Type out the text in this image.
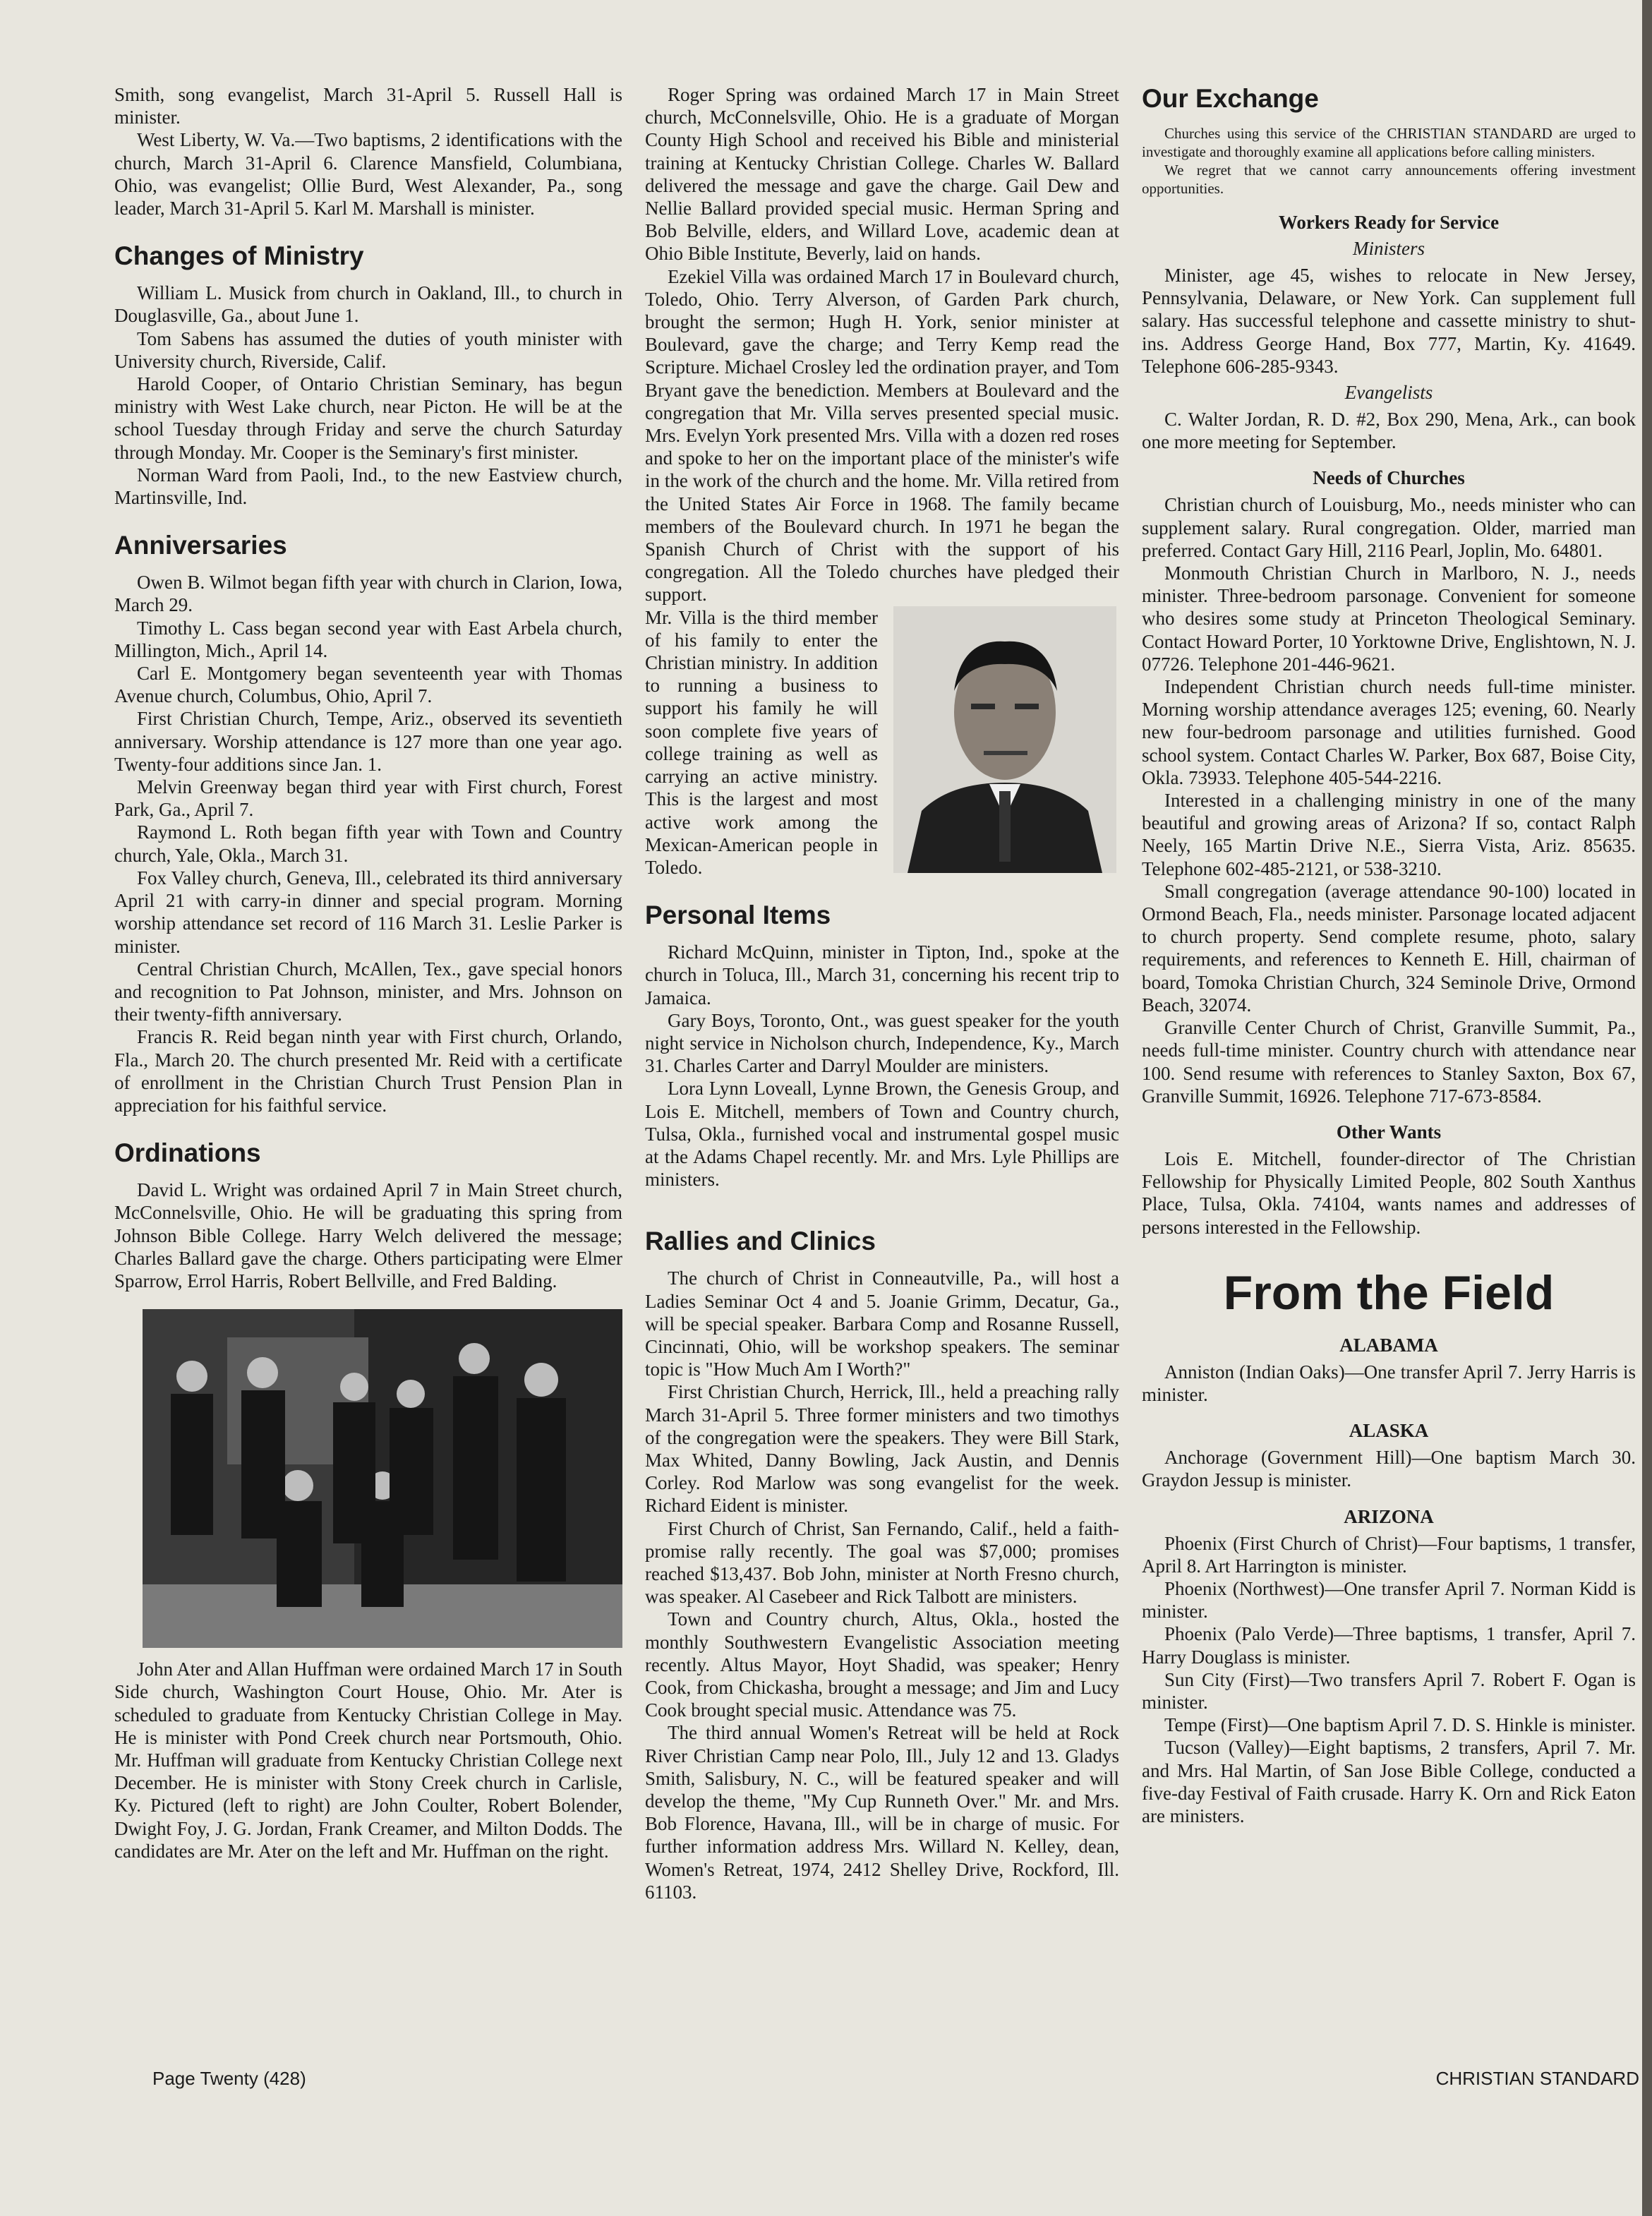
Smith, song evangelist, March 31-April 5. Russell Hall is minister.

West Liberty, W. Va.—Two baptisms, 2 identifications with the church, March 31-April 6. Clarence Mansfield, Columbiana, Ohio, was evangelist; Ollie Burd, West Alexander, Pa., song leader, March 31-April 5. Karl M. Marshall is minister.

Changes of Ministry

William L. Musick from church in Oakland, Ill., to church in Douglasville, Ga., about June 1.

Tom Sabens has assumed the duties of youth minister with University church, Riverside, Calif.

Harold Cooper, of Ontario Christian Seminary, has begun ministry with West Lake church, near Picton. He will be at the school Tuesday through Friday and serve the church Saturday through Monday. Mr. Cooper is the Seminary's first minister.

Norman Ward from Paoli, Ind., to the new Eastview church, Martinsville, Ind.

Anniversaries

Owen B. Wilmot began fifth year with church in Clarion, Iowa, March 29.

Timothy L. Cass began second year with East Arbela church, Millington, Mich., April 14.

Carl E. Montgomery began seventeenth year with Thomas Avenue church, Columbus, Ohio, April 7.

First Christian Church, Tempe, Ariz., observed its seventieth anniversary. Worship attendance is 127 more than one year ago. Twenty-four additions since Jan. 1.

Melvin Greenway began third year with First church, Forest Park, Ga., April 7.

Raymond L. Roth began fifth year with Town and Country church, Yale, Okla., March 31.

Fox Valley church, Geneva, Ill., celebrated its third anniversary April 21 with carry-in dinner and special program. Morning worship attendance set record of 116 March 31. Leslie Parker is minister.

Central Christian Church, McAllen, Tex., gave special honors and recognition to Pat Johnson, minister, and Mrs. Johnson on their twenty-fifth anniversary.

Francis R. Reid began ninth year with First church, Orlando, Fla., March 20. The church presented Mr. Reid with a certificate of enrollment in the Christian Church Trust Pension Plan in appreciation for his faithful service.

Ordinations

David L. Wright was ordained April 7 in Main Street church, McConnelsville, Ohio. He will be graduating this spring from Johnson Bible College. Harry Welch delivered the message; Charles Ballard gave the charge. Others participating were Elmer Sparrow, Errol Harris, Robert Bellville, and Fred Balding.

John Ater and Allan Huffman were ordained March 17 in South Side church, Washington Court House, Ohio. Mr. Ater is scheduled to graduate from Kentucky Christian College in May. He is minister with Pond Creek church near Portsmouth, Ohio. Mr. Huffman will graduate from Kentucky Christian College next December. He is minister with Stony Creek church in Carlisle, Ky. Pictured (left to right) are John Coulter, Robert Bolender, Dwight Foy, J. G. Jordan, Frank Creamer, and Milton Dodds. The candidates are Mr. Ater on the left and Mr. Huffman on the right.

Roger Spring was ordained March 17 in Main Street church, McConnelsville, Ohio. He is a graduate of Morgan County High School and received his Bible and ministerial training at Kentucky Christian College. Charles W. Ballard delivered the message and gave the charge. Gail Dew and Nellie Ballard provided special music. Herman Spring and Bob Belville, elders, and Willard Love, academic dean at Ohio Bible Institute, Beverly, laid on hands.

Ezekiel Villa was ordained March 17 in Boulevard church, Toledo, Ohio. Terry Alverson, of Garden Park church, brought the sermon; Hugh H. York, senior minister at Boulevard, gave the charge; and Terry Kemp read the Scripture. Michael Crosley led the ordination prayer, and Tom Bryant gave the benediction. Members at Boulevard and the congregation that Mr. Villa serves presented special music. Mrs. Evelyn York presented Mrs. Villa with a dozen red roses and spoke to her on the important place of the minister's wife in the work of the church and the home. Mr. Villa retired from the United States Air Force in 1968. The family became members of the Boulevard church. In 1971 he began the Spanish Church of Christ with the support of his congregation. All the Toledo churches have pledged their support.

Mr. Villa is the third member of his family to enter the Christian ministry. In addition to running a business to support his family he will soon complete five years of college training as well as carrying an active ministry. This is the largest and most active work among the Mexican-American people in Toledo.

Personal Items

Richard McQuinn, minister in Tipton, Ind., spoke at the church in Toluca, Ill., March 31, concerning his recent trip to Jamaica.

Gary Boys, Toronto, Ont., was guest speaker for the youth night service in Nicholson church, Independence, Ky., March 31. Charles Carter and Darryl Moulder are ministers.

Lora Lynn Loveall, Lynne Brown, the Genesis Group, and Lois E. Mitchell, members of Town and Country church, Tulsa, Okla., furnished vocal and instrumental gospel music at the Adams Chapel recently. Mr. and Mrs. Lyle Phillips are ministers.

Rallies and Clinics

The church of Christ in Conneautville, Pa., will host a Ladies Seminar Oct 4 and 5. Joanie Grimm, Decatur, Ga., will be special speaker. Barbara Comp and Rosanne Russell, Cincinnati, Ohio, will be workshop speakers. The seminar topic is "How Much Am I Worth?"

First Christian Church, Herrick, Ill., held a preaching rally March 31-April 5. Three former ministers and two timothys of the congregation were the speakers. They were Bill Stark, Max Whited, Danny Bowling, Jack Austin, and Dennis Corley. Rod Marlow was song evangelist for the week. Richard Eident is minister.

First Church of Christ, San Fernando, Calif., held a faith-promise rally recently. The goal was $7,000; promises reached $13,437. Bob John, minister at North Fresno church, was speaker. Al Casebeer and Rick Talbott are ministers.

Town and Country church, Altus, Okla., hosted the monthly Southwestern Evangelistic Association meeting recently. Altus Mayor, Hoyt Shadid, was speaker; Henry Cook, from Chickasha, brought a message; and Jim and Lucy Cook brought special music. Attendance was 75.

The third annual Women's Retreat will be held at Rock River Christian Camp near Polo, Ill., July 12 and 13. Gladys Smith, Salisbury, N. C., will be featured speaker and will develop the theme, "My Cup Runneth Over." Mr. and Mrs. Bob Florence, Havana, Ill., will be in charge of music. For further information address Mrs. Willard N. Kelley, dean, Women's Retreat, 1974, 2412 Shelley Drive, Rockford, Ill. 61103.

Our Exchange

Churches using this service of the CHRISTIAN STANDARD are urged to investigate and thoroughly examine all applications before calling ministers.

We regret that we cannot carry announcements offering investment opportunities.

Workers Ready for Service
Ministers

Minister, age 45, wishes to relocate in New Jersey, Pennsylvania, Delaware, or New York. Can supplement full salary. Has successful telephone and cassette ministry to shut-ins. Address George Hand, Box 777, Martin, Ky. 41649. Telephone 606-285-9343.

Evangelists

C. Walter Jordan, R. D. #2, Box 290, Mena, Ark., can book one more meeting for September.

Needs of Churches

Christian church of Louisburg, Mo., needs minister who can supplement salary. Rural congregation. Older, married man preferred. Contact Gary Hill, 2116 Pearl, Joplin, Mo. 64801.

Monmouth Christian Church in Marlboro, N. J., needs minister. Three-bedroom parsonage. Convenient for someone who desires some study at Princeton Theological Seminary. Contact Howard Porter, 10 Yorktowne Drive, Englishtown, N. J. 07726. Telephone 201-446-9621.

Independent Christian church needs full-time minister. Morning worship attendance averages 125; evening, 60. Nearly new four-bedroom parsonage and utilities furnished. Good school system. Contact Charles W. Parker, Box 687, Boise City, Okla. 73933. Telephone 405-544-2216.

Interested in a challenging ministry in one of the many beautiful and growing areas of Arizona? If so, contact Ralph Neely, 165 Martin Drive N.E., Sierra Vista, Ariz. 85635. Telephone 602-485-2121, or 538-3210.

Small congregation (average attendance 90-100) located in Ormond Beach, Fla., needs minister. Parsonage located adjacent to church property. Send complete resume, photo, salary requirements, and references to Kenneth E. Hill, chairman of board, Tomoka Christian Church, 324 Seminole Drive, Ormond Beach, 32074.

Granville Center Church of Christ, Granville Summit, Pa., needs full-time minister. Country church with attendance near 100. Send resume with references to Stanley Saxton, Box 67, Granville Summit, 16926. Telephone 717-673-8584.

Other Wants

Lois E. Mitchell, founder-director of The Christian Fellowship for Physically Limited People, 802 South Xanthus Place, Tulsa, Okla. 74104, wants names and addresses of persons interested in the Fellowship.

From the Field
ALABAMA

Anniston (Indian Oaks)—One transfer April 7. Jerry Harris is minister.

ALASKA

Anchorage (Government Hill)—One baptism March 30. Graydon Jessup is minister.

ARIZONA

Phoenix (First Church of Christ)—Four baptisms, 1 transfer, April 8. Art Harrington is minister.

Phoenix (Northwest)—One transfer April 7. Norman Kidd is minister.

Phoenix (Palo Verde)—Three baptisms, 1 transfer, April 7. Harry Douglass is minister.

Sun City (First)—Two transfers April 7. Robert F. Ogan is minister.

Tempe (First)—One baptism April 7. D. S. Hinkle is minister.

Tucson (Valley)—Eight baptisms, 2 transfers, April 7. Mr. and Mrs. Hal Martin, of San Jose Bible College, conducted a five-day Festival of Faith crusade. Harry K. Orn and Rick Eaton are ministers.

Page Twenty (428)	CHRISTIAN STANDARD
